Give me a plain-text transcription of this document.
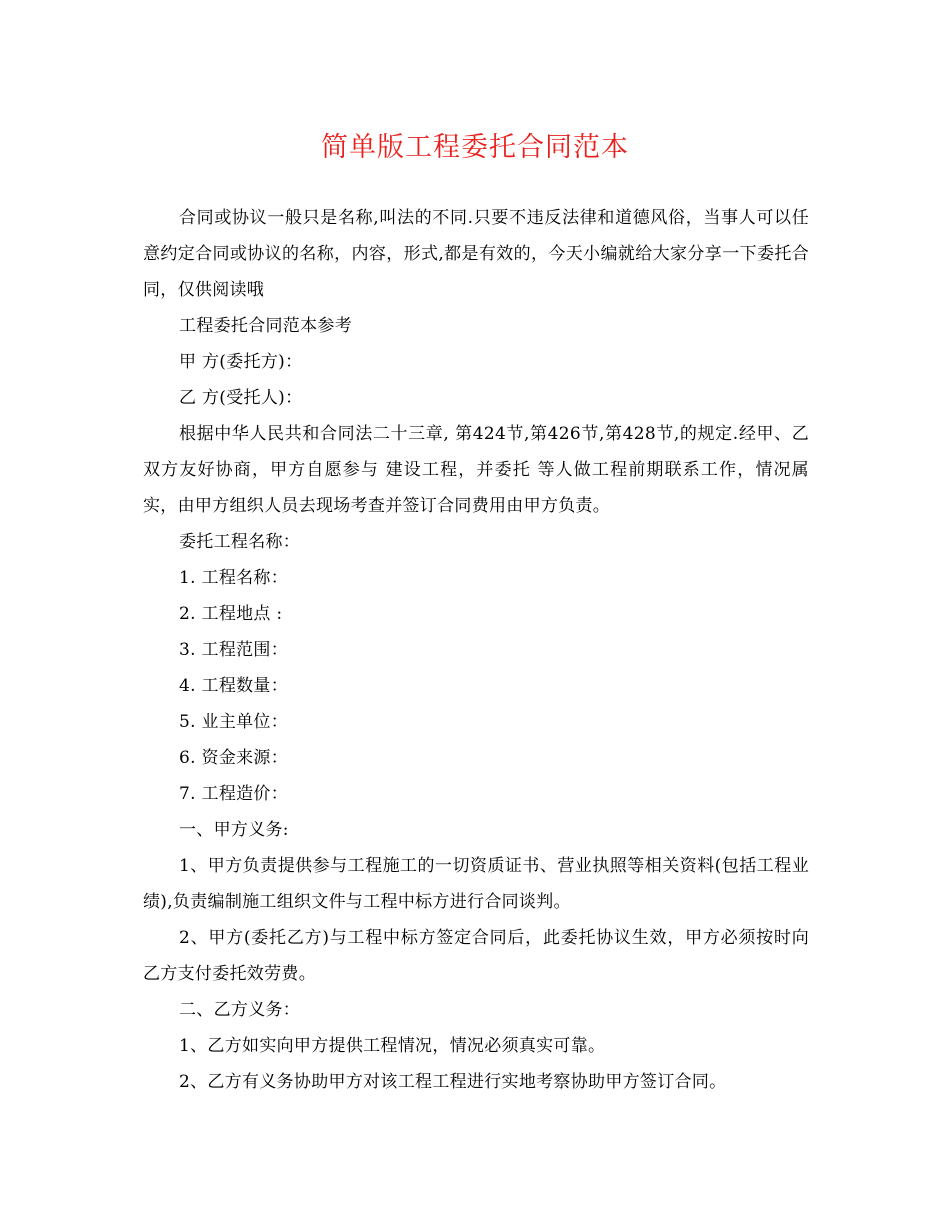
简单版工程委托合同范本

合同或协议一般只是名称,叫法的不同.只要不违反法律和道德风俗，当事人可以任意约定合同或协议的名称，内容，形式,都是有效的，今天小编就给大家分享一下委托合同，仅供阅读哦

工程委托合同范本参考

甲 方(委托方)：

乙 方(受托人)：

根据中华人民共和合同法二十三章, 第424节,第426节,第428节,的规定.经甲、乙双方友好协商，甲方自愿参与 建设工程，并委托 等人做工程前期联系工作，情况属实，由甲方组织人员去现场考查并签订合同费用由甲方负责。

委托工程名称：

1. 工程名称：

2. 工程地点 :

3. 工程范围：

4. 工程数量：

5. 业主单位：

6. 资金来源：

7. 工程造价：

一、甲方义务:

1、甲方负责提供参与工程施工的一切资质证书、营业执照等相关资料(包括工程业绩),负责编制施工组织文件与工程中标方进行合同谈判。

2、甲方(委托乙方)与工程中标方签定合同后，此委托协议生效，甲方必须按时向乙方支付委托效劳费。

二、乙方义务：

1、乙方如实向甲方提供工程情况，情况必须真实可靠。

2、乙方有义务协助甲方对该工程工程进行实地考察协助甲方签订合同。
